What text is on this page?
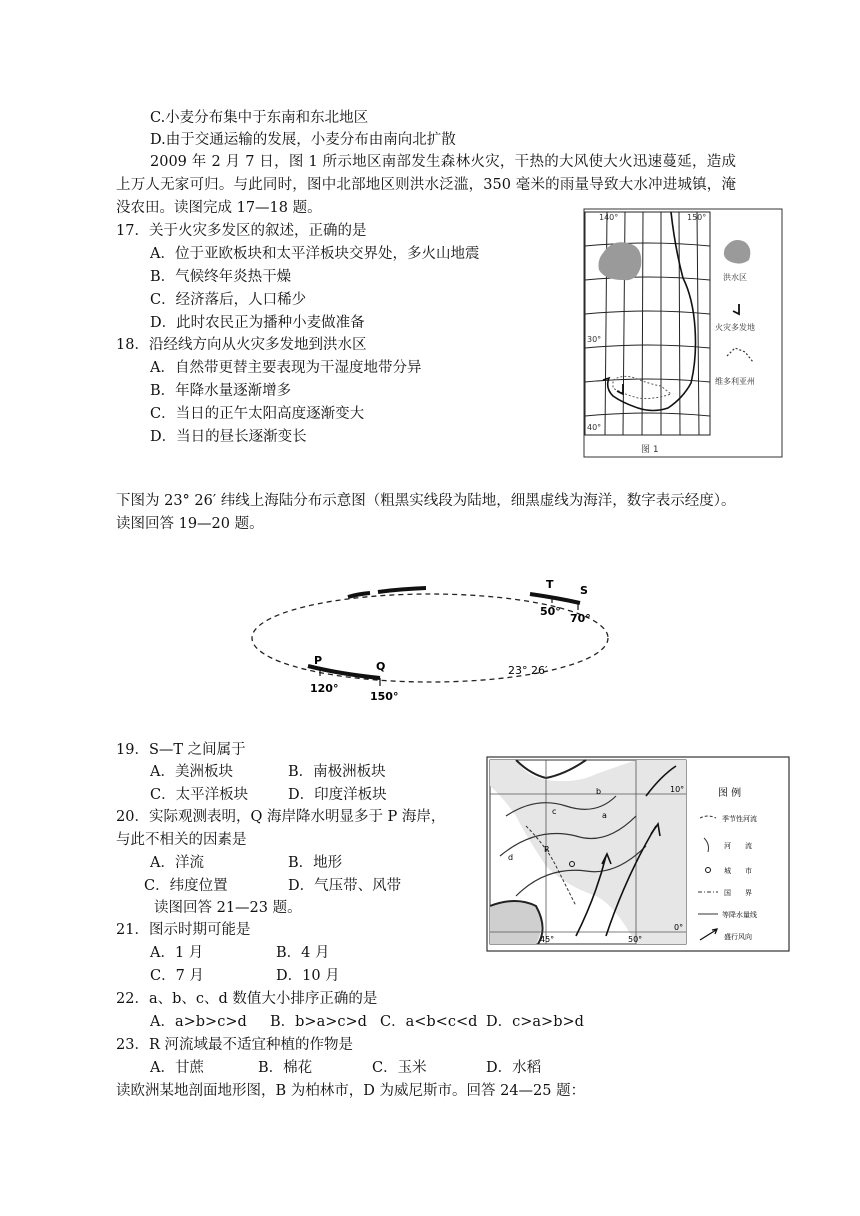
C.小麦分布集中于东南和东北地区
D.由于交通运输的发展，小麦分布由南向北扩散
2009 年 2 月 7 日，图 1 所示地区南部发生森林火灾，干热的大风使大火迅速蔓延，造成上万人无家可归。与此同时，图中北部地区则洪水泛滥，350 毫米的雨量导致大水冲进城镇，淹没农田。读图完成 17—18 题。
17．关于火灾多发区的叙述，正确的是
A．位于亚欧板块和太平洋板块交界处，多火山地震
B．气候终年炎热干燥
C．经济落后，人口稀少
D．此时农民正为播种小麦做准备
18．沿经线方向从火灾多发地到洪水区
A．自然带更替主要表现为干湿度地带分异
B．年降水量逐渐增多
C．当日的正午太阳高度逐渐变大
D．当日的昼长逐渐变长
140°	150°
30°
40°
图 1
洪水区
火灾多发地
维多利亚州
下图为 23° 26′ 纬线上海陆分布示意图（粗黑实线段为陆地，细黑虚线为海洋，数字表示经度）。读图回答 19—20 题。
T S
50°
70°
P	Q
120°
150°
23° 26′
19．S—T 之间属于
A．美洲板块	B．南极洲板块
C．太平洋板块	D．印度洋板块
20．实际观测表明，Q 海岸降水明显多于 P 海岸，
与此不相关的因素是
A．洋流	B．地形
C．纬度位置	D．气压带、风带
读图回答 21—23 题。
21．图示时期可能是
A．1 月	B．4 月
C．7 月	D．10 月
22．a、b、c、d 数值大小排序正确的是
A．a>b>c>d B．b>a>c>d C．a<b<c<d D．c>a>b>d
23．R 河流域最不适宜种植的作物是
A．甘蔗	B．棉花	C．玉米	D．水稻
读欧洲某地剖面地形图，B 为柏林市，D 为威尼斯市。回答 24—25 题：
a
b
c
d
R
45°	50°
10°
0°
图 例
季节性河流
河　　流
城　　市
国　　界
等降水量线
盛行风向
